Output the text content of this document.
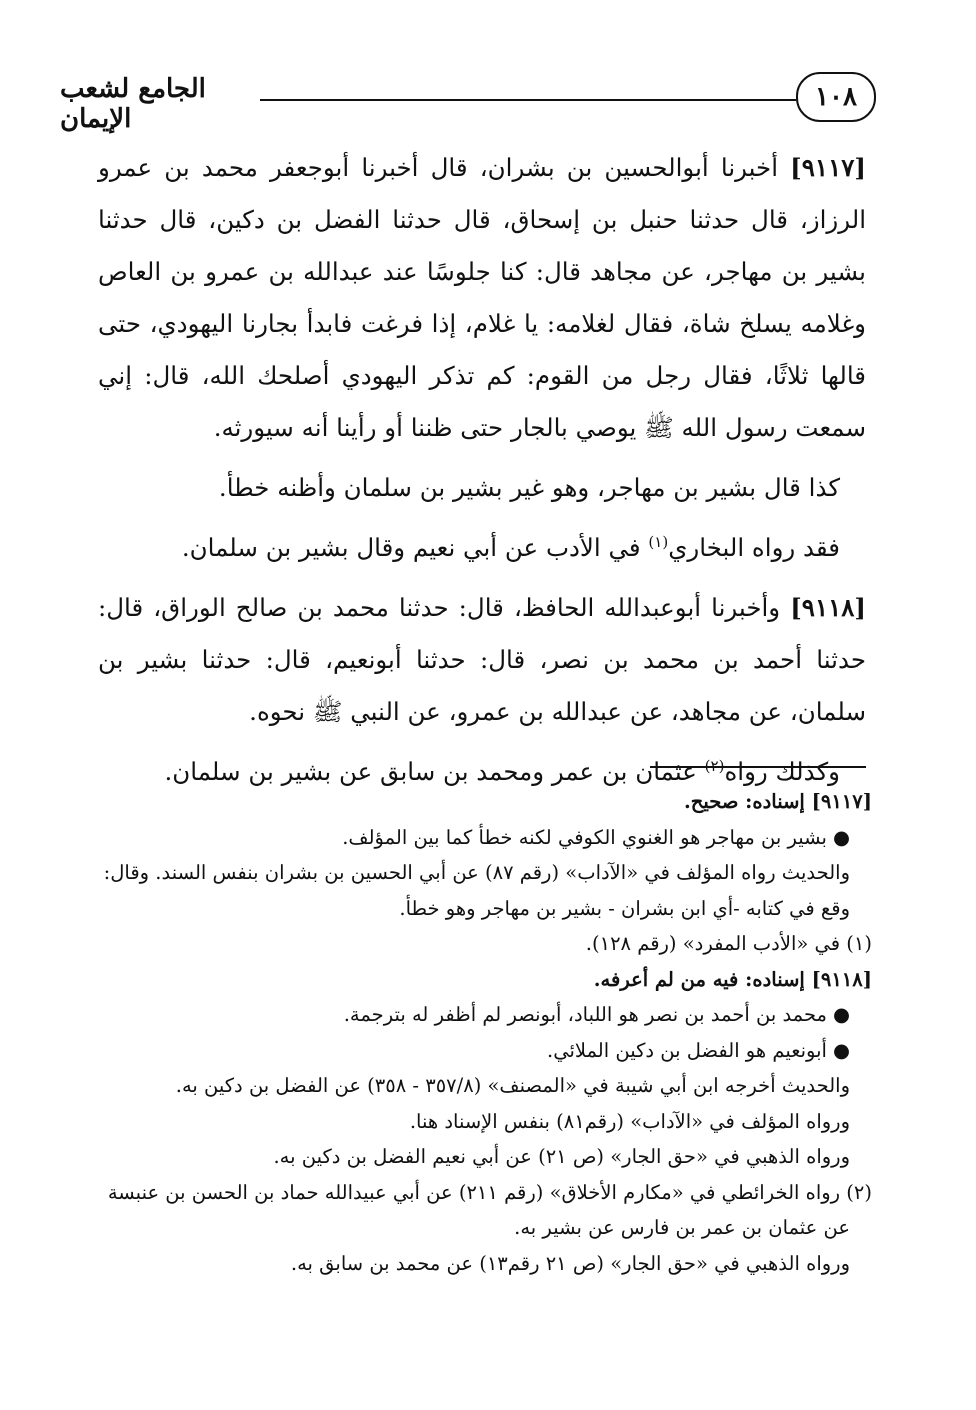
١٠٨
الجامع لشعب الإيمان

[٩١١٧] أخبرنا أبوالحسين بن بشران، قال أخبرنا أبوجعفر محمد بن عمرو الرزاز، قال حدثنا حنبل بن إسحاق، قال حدثنا الفضل بن دكين، قال حدثنا بشير بن مهاجر، عن مجاهد قال: كنا جلوسًا عند عبدالله بن عمرو بن العاص وغلامه يسلخ شاة، فقال لغلامه: يا غلام، إذا فرغت فابدأ بجارنا اليهودي، حتى قالها ثلاثًا، فقال رجل من القوم: كم تذكر اليهودي أصلحك الله، قال: إني سمعت رسول الله ﷺ يوصي بالجار حتى ظننا أو رأينا أنه سيورثه.

كذا قال بشير بن مهاجر، وهو غير بشير بن سلمان وأظنه خطأ.

فقد رواه البخاري$^{(١)}$ في الأدب عن أبي نعيم وقال بشير بن سلمان.

[٩١١٨] وأخبرنا أبوعبدالله الحافظ، قال: حدثنا محمد بن صالح الوراق، قال: حدثنا أحمد بن محمد بن نصر، قال: حدثنا أبونعيم، قال: حدثنا بشير بن سلمان، عن مجاهد، عن عبدالله بن عمرو، عن النبي ﷺ نحوه.

وكذلك رواه$^{(٢)}$ عثمان بن عمر ومحمد بن سابق عن بشير بن سلمان.

[٩١١٧] إسناده: صحيح.

●بشير بن مهاجر هو الغنوي الكوفي لكنه خطأ كما بين المؤلف.

والحديث رواه المؤلف في «الآداب» (رقم ٨٧) عن أبي الحسين بن بشران بنفس السند. وقال:

وقع في كتابه -أي ابن بشران - بشير بن مهاجر وهو خطأ.

(١) في «الأدب المفرد» (رقم ١٢٨).

[٩١١٨] إسناده: فيه من لم أعرفه.

●محمد بن أحمد بن نصر هو اللباد، أبونصر لم أظفر له بترجمة.

●أبونعيم هو الفضل بن دكين الملائي.

والحديث أخرجه ابن أبي شيبة في «المصنف» (٣٥٧/٨ - ٣٥٨) عن الفضل بن دكين به.

ورواه المؤلف في «الآداب» (رقم٨١) بنفس الإسناد هنا.

ورواه الذهبي في «حق الجار» (ص ٢١) عن أبي نعيم الفضل بن دكين به.

(٢) رواه الخرائطي في «مكارم الأخلاق» (رقم ٢١١) عن أبي عبيدالله حماد بن الحسن بن عنبسة

عن عثمان بن عمر بن فارس عن بشير به.

ورواه الذهبي في «حق الجار» (ص ٢١ رقم١٣) عن محمد بن سابق به.
